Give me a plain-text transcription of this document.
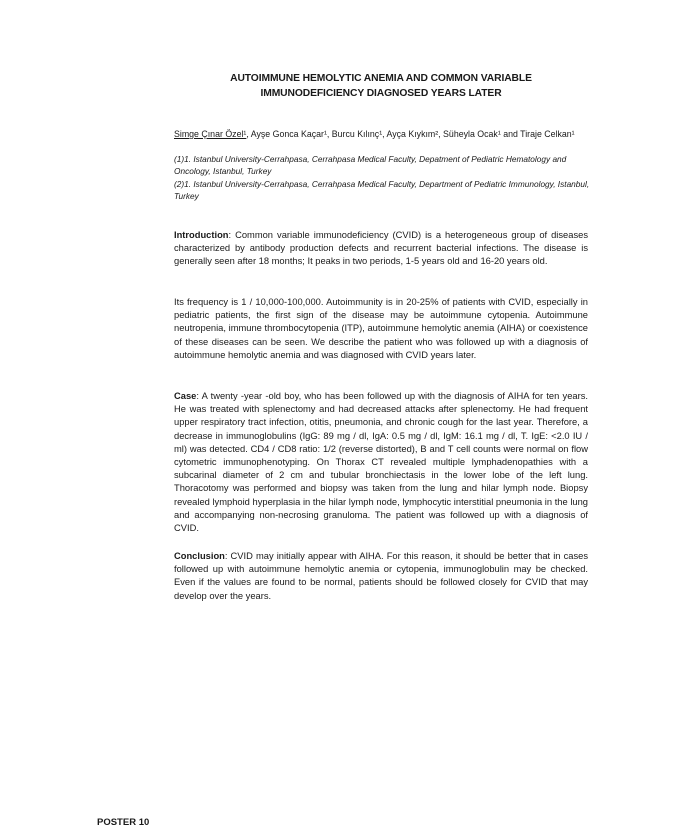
AUTOIMMUNE HEMOLYTIC ANEMIA AND COMMON VARIABLE
IMMUNODEFICIENCY DIAGNOSED YEARS LATER
Simge Çınar Özel¹, Ayşe Gonca Kaçar¹, Burcu Kılınç¹, Ayça Kıykım², Süheyla Ocak¹ and Tiraje Celkan¹
(1)1. Istanbul University-Cerrahpasa, Cerrahpasa Medical Faculty, Depatment of Pediatric Hematology and Oncology, Istanbul, Turkey
(2)1. Istanbul University-Cerrahpasa, Cerrahpasa Medical Faculty, Department of Pediatric Immunology, Istanbul, Turkey
Introduction: Common variable immunodeficiency (CVID) is a heterogeneous group of diseases characterized by antibody production defects and recurrent bacterial infections. The disease is generally seen after 18 months; It peaks in two periods, 1-5 years old and 16-20 years old.
Its frequency is 1 / 10,000-100,000. Autoimmunity is in 20-25% of patients with CVID, especially in pediatric patients, the first sign of the disease may be autoimmune cytopenia. Autoimmune neutropenia, immune thrombocytopenia (ITP), autoimmune hemolytic anemia (AIHA) or coexistence of these diseases can be seen. We describe the patient who was followed up with a diagnosis of autoimmune hemolytic anemia and was diagnosed with CVID years later.
Case: A twenty -year -old boy, who has been followed up with the diagnosis of AIHA for ten years. He was treated with splenectomy and had decreased attacks after splenectomy. He had frequent upper respiratory tract infection, otitis, pneumonia, and chronic cough for the last year. Therefore, a decrease in immunoglobulins (IgG: 89 mg / dl, IgA: 0.5 mg / dl, IgM: 16.1 mg / dl, T. IgE: <2.0 IU / ml) was detected. CD4 / CD8 ratio: 1/2 (reverse distorted), B and T cell counts were normal on flow cytometric immunophenotyping. On Thorax CT revealed multiple lymphadenopathies with a subcarinal diameter of 2 cm and tubular bronchiectasis in the lower lobe of the left lung. Thoracotomy was performed and biopsy was taken from the lung and hilar lymph node. Biopsy revealed lymphoid hyperplasia in the hilar lymph node, lymphocytic interstitial pneumonia in the lung and accompanying non-necrosing granuloma. The patient was followed up with a diagnosis of CVID.
Conclusion: CVID may initially appear with AIHA. For this reason, it should be better that in cases followed up with autoimmune hemolytic anemia or cytopenia, immunoglobulin may be checked. Even if the values are found to be normal, patients should be followed closely for CVID that may develop over the years.
POSTER 10
